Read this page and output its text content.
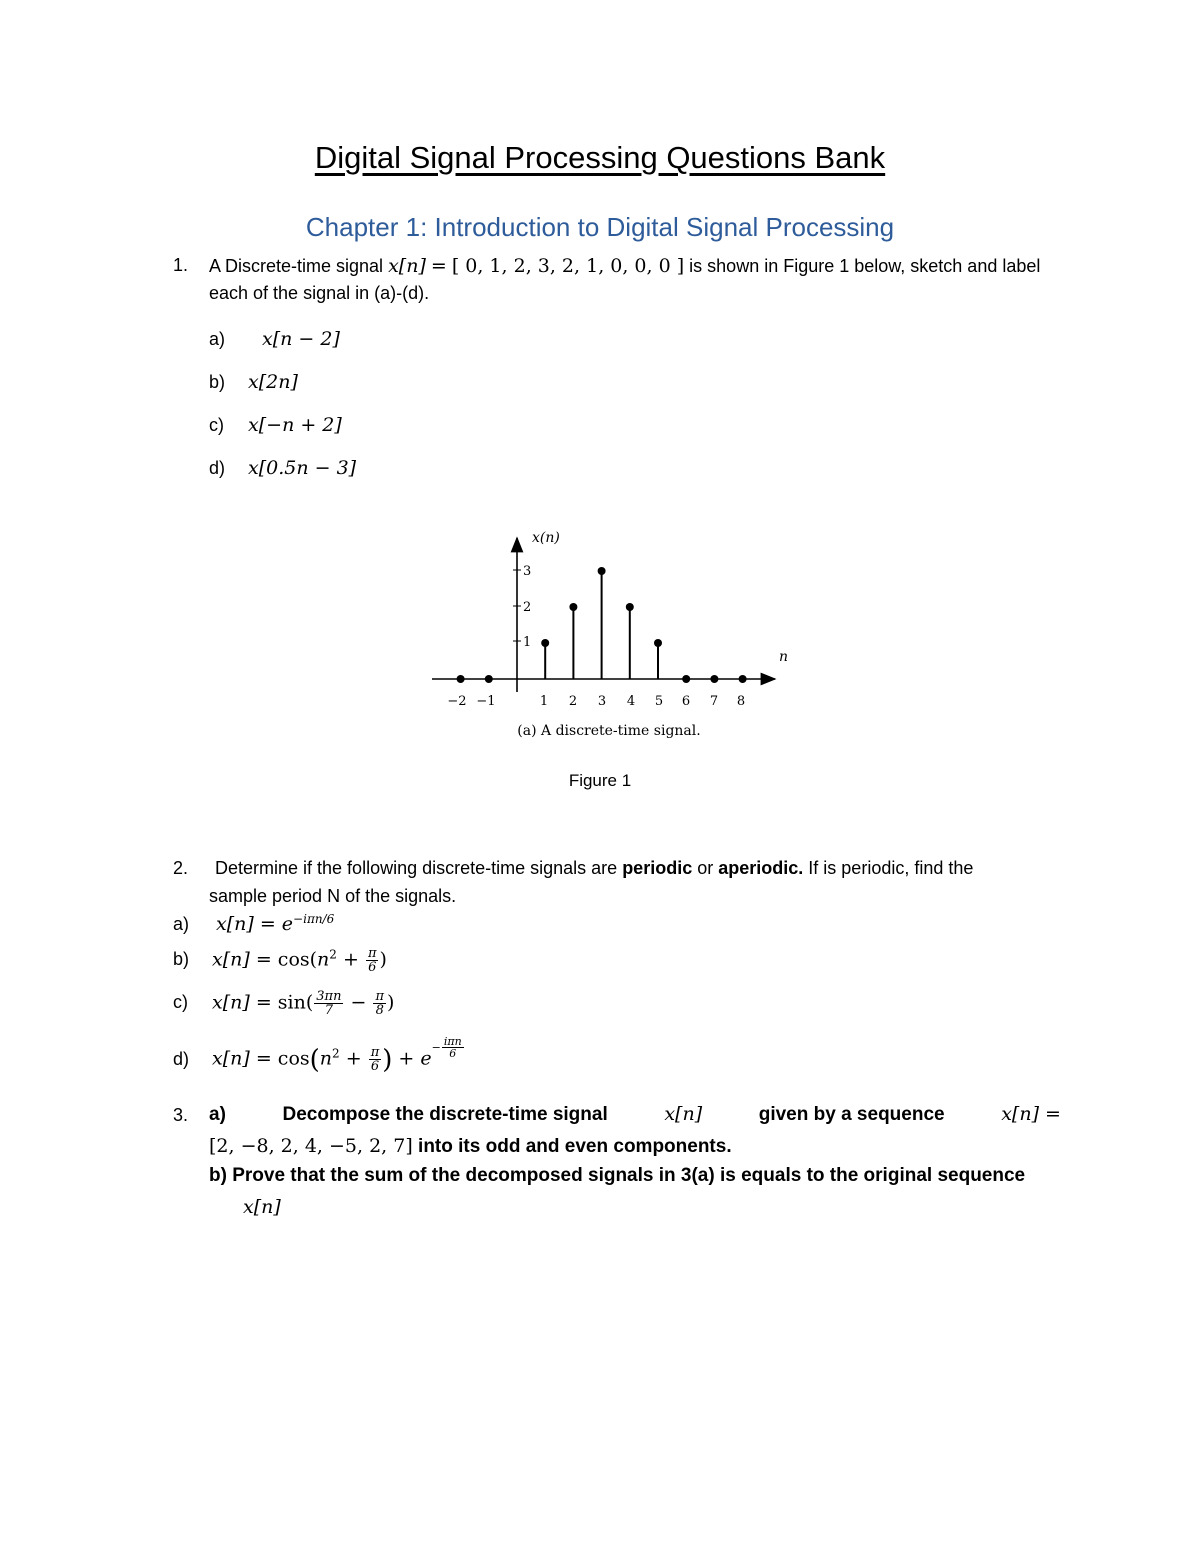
Digital Signal Processing Questions Bank
Chapter 1: Introduction to Digital Signal Processing
1. A Discrete-time signal x[n] = [ 0, 1, 2, 3, 2, 1, 0, 0, 0 ] is shown in Figure 1 below, sketch and label
each of the signal in (a)-(d).
a) x[n − 2]
b) x[2n]
c) x[−n + 2]
d) x[0.5n − 3]
x(n)
n
1
2
3
−2 −1	1 2 3 4 5 6 7 8
(a) A discrete-time signal.
Figure 1
2. Determine if the following discrete-time signals are periodic or aperiodic. If is periodic, find the
sample period N of the signals.
a) $x[n] = e^{-i\pi n/6}$
b) $x[n] = \cos(n^2 + \frac{\pi}{6}$ )
c) $x[n] = \sin( \frac{3\pi n}{7} - \frac{\pi}{8}$ )
d) $x[n] = \cos(n^2 + \frac{\pi}{6}$ ) + $e- \frac{\text{iπn}}{6}$
3. a)	Decompose the discrete-time signal	x[n]	given by a sequence	x[n] =
[2, −8, 2, 4, −5, 2, 7] into its odd and even components.
b) Prove that the sum of the decomposed signals in 3(a) is equals to the original sequence
x[n]
